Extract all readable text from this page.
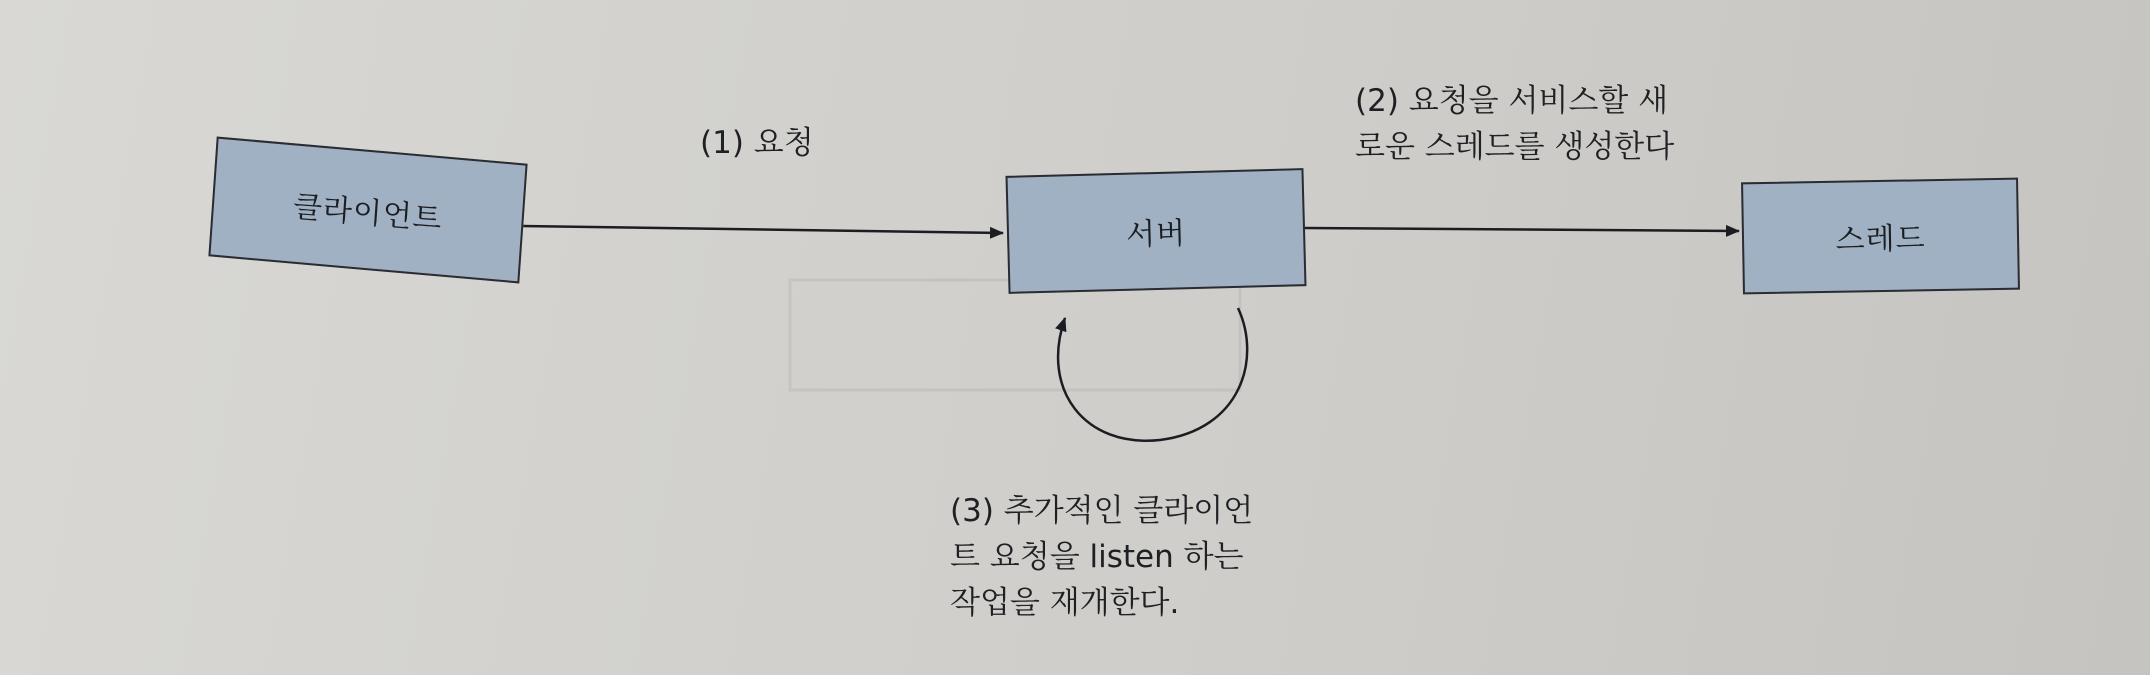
클라이언트	서버	스레드
(1) 요청
(2) 요청을 서비스할 새
로운 스레드를 생성한다
(3) 추가적인 클라이언
트 요청을 listen 하는
작업을 재개한다.
